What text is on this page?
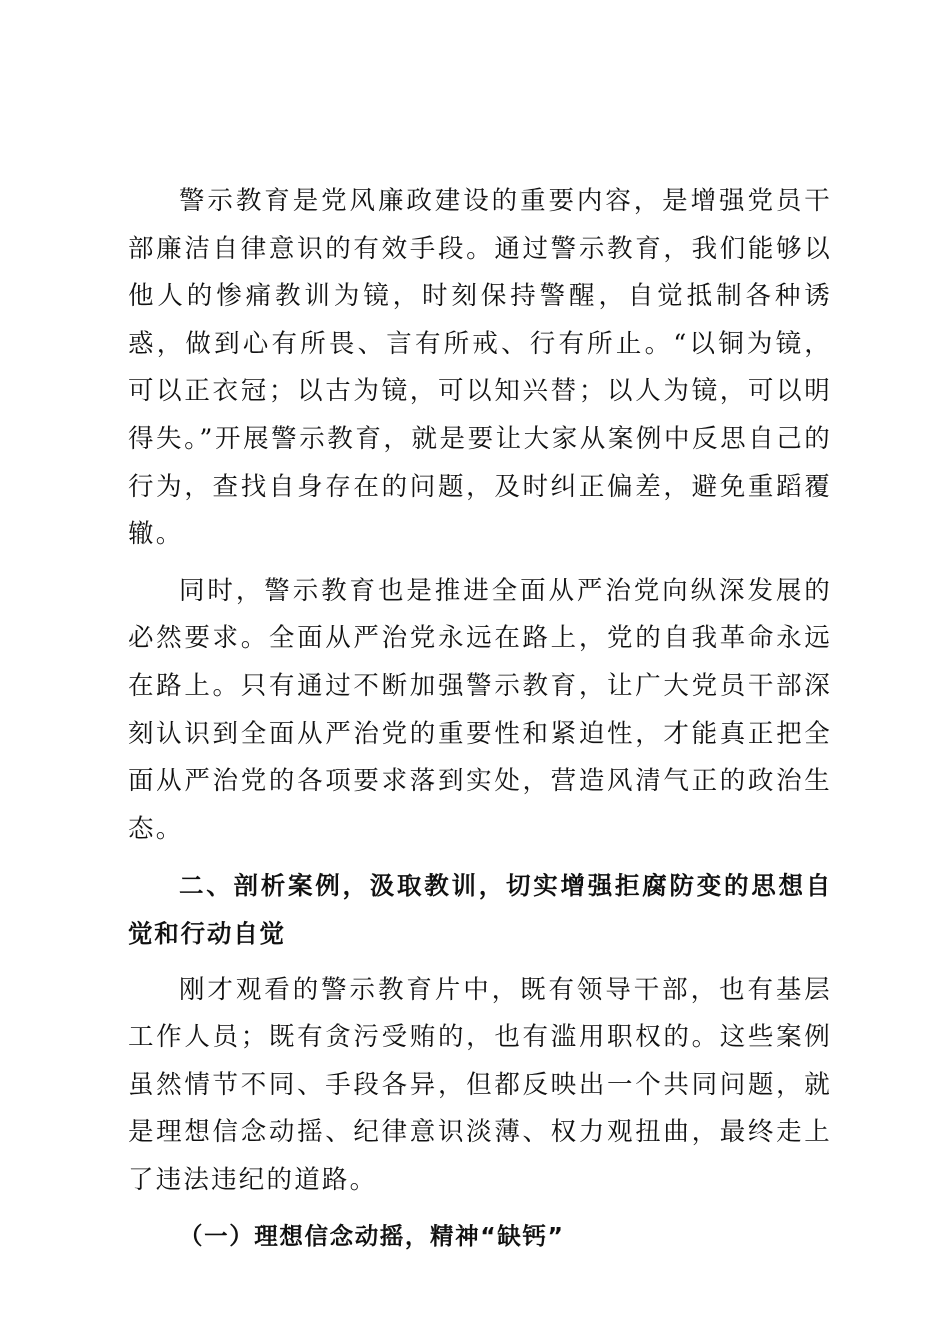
警示教育是党风廉政建设的重要内容，是增强党员干部廉洁自律意识的有效手段。通过警示教育，我们能够以他人的惨痛教训为镜，时刻保持警醒，自觉抵制各种诱惑，做到心有所畏、言有所戒、行有所止。“以铜为镜，可以正衣冠；以古为镜，可以知兴替；以人为镜，可以明得失。”开展警示教育，就是要让大家从案例中反思自己的行为，查找自身存在的问题，及时纠正偏差，避免重蹈覆辙。

同时，警示教育也是推进全面从严治党向纵深发展的必然要求。全面从严治党永远在路上，党的自我革命永远在路上。只有通过不断加强警示教育，让广大党员干部深刻认识到全面从严治党的重要性和紧迫性，才能真正把全面从严治党的各项要求落到实处，营造风清气正的政治生态。

二、剖析案例，汲取教训，切实增强拒腐防变的思想自觉和行动自觉

刚才观看的警示教育片中，既有领导干部，也有基层工作人员；既有贪污受贿的，也有滥用职权的。这些案例虽然情节不同、手段各异，但都反映出一个共同问题，就是理想信念动摇、纪律意识淡薄、权力观扭曲，最终走上了违法违纪的道路。

（一）理想信念动摇，精神“缺钙”
